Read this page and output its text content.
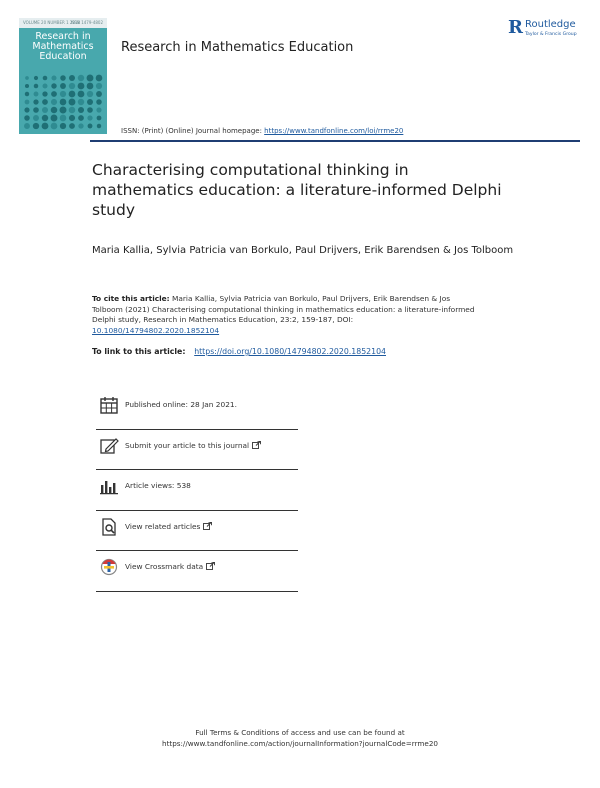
VOLUME 20 NUMBER 1 2018
ISSN 1479-4802
Research in
Mathematics
Education
Research in Mathematics Education
R Routledge
Taylor & Francis Group
ISSN: (Print) (Online) Journal homepage: https://www.tandfonline.com/loi/rrme20
Characterising computational thinking in mathematics education: a literature-informed Delphi study
Maria Kallia, Sylvia Patricia van Borkulo, Paul Drijvers, Erik Barendsen & Jos Tolboom
To cite this article: Maria Kallia, Sylvia Patricia van Borkulo, Paul Drijvers, Erik Barendsen & Jos Tolboom (2021) Characterising computational thinking in mathematics education: a literature-informed Delphi study, Research in Mathematics Education, 23:2, 159-187, DOI: 10.1080/14794802.2020.1852104
To link to this article: https://doi.org/10.1080/14794802.2020.1852104
Published online: 28 Jan 2021.
Submit your article to this journal
Article views: 538
View related articles
View Crossmark data
Full Terms & Conditions of access and use can be found at
https://www.tandfonline.com/action/journalInformation?journalCode=rrme20
